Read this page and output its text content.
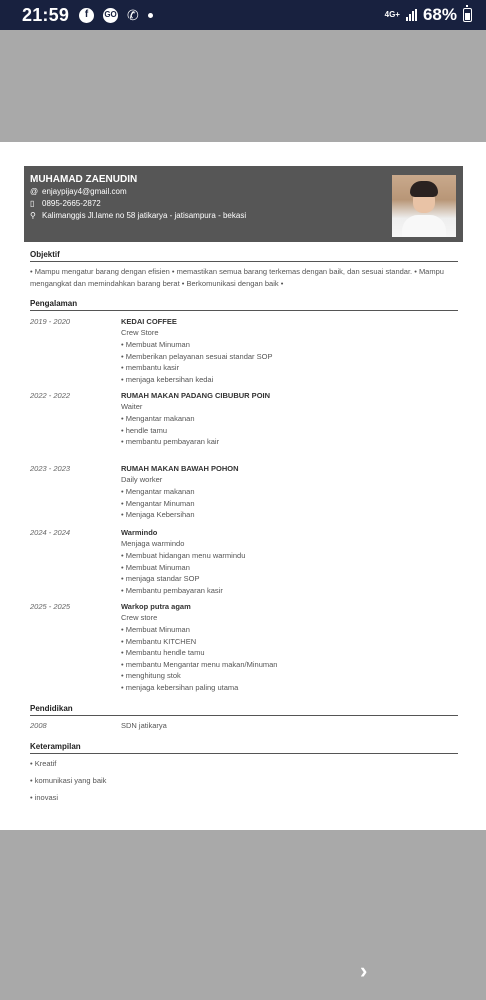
21:59	f	GO ✆	4G+ 68%
MUHAMAD ZAENUDIN
@ enjaypijay4@gmail.com
▯ 0895-2665-2872
⚲ Kalimanggis Jl.lame no 58 jatikarya - jatisampura - bekasi
Objektif
• Mampu mengatur barang dengan efisien • memastikan semua barang terkemas dengan baik, dan sesuai standar. • Mampu mengangkat dan memindahkan barang berat • Berkomunikasi dengan baik •
Pengalaman
2019 - 2020	KEDAI COFFEE
Crew Store
• Membuat Minuman
• Memberikan pelayanan sesuai standar SOP
• membantu kasir
• menjaga kebersihan kedai
2022 - 2022	RUMAH MAKAN PADANG CIBUBUR POIN
Waiter
• Mengantar makanan
• hendle tamu
• membantu pembayaran kair
2023 - 2023	RUMAH MAKAN BAWAH POHON
Daily worker
• Mengantar makanan
• Mengantar Minuman
• Menjaga Kebersihan
2024 - 2024	Warmindo
Menjaga warmindo
• Membuat hidangan menu warmindu
• Membuat Minuman
• menjaga standar SOP
• Membantu pembayaran kasir
2025 - 2025	Warkop putra agam
Crew store
• Membuat Minuman
• Membantu KITCHEN
• Membantu hendle tamu
• membantu Mengantar menu makan/Minuman
• menghitung stok
• menjaga kebersihan paling utama
Pendidikan
2008	SDN jatikarya
Keterampilan
• Kreatif
• komunikasi yang baik
• inovasi
›
